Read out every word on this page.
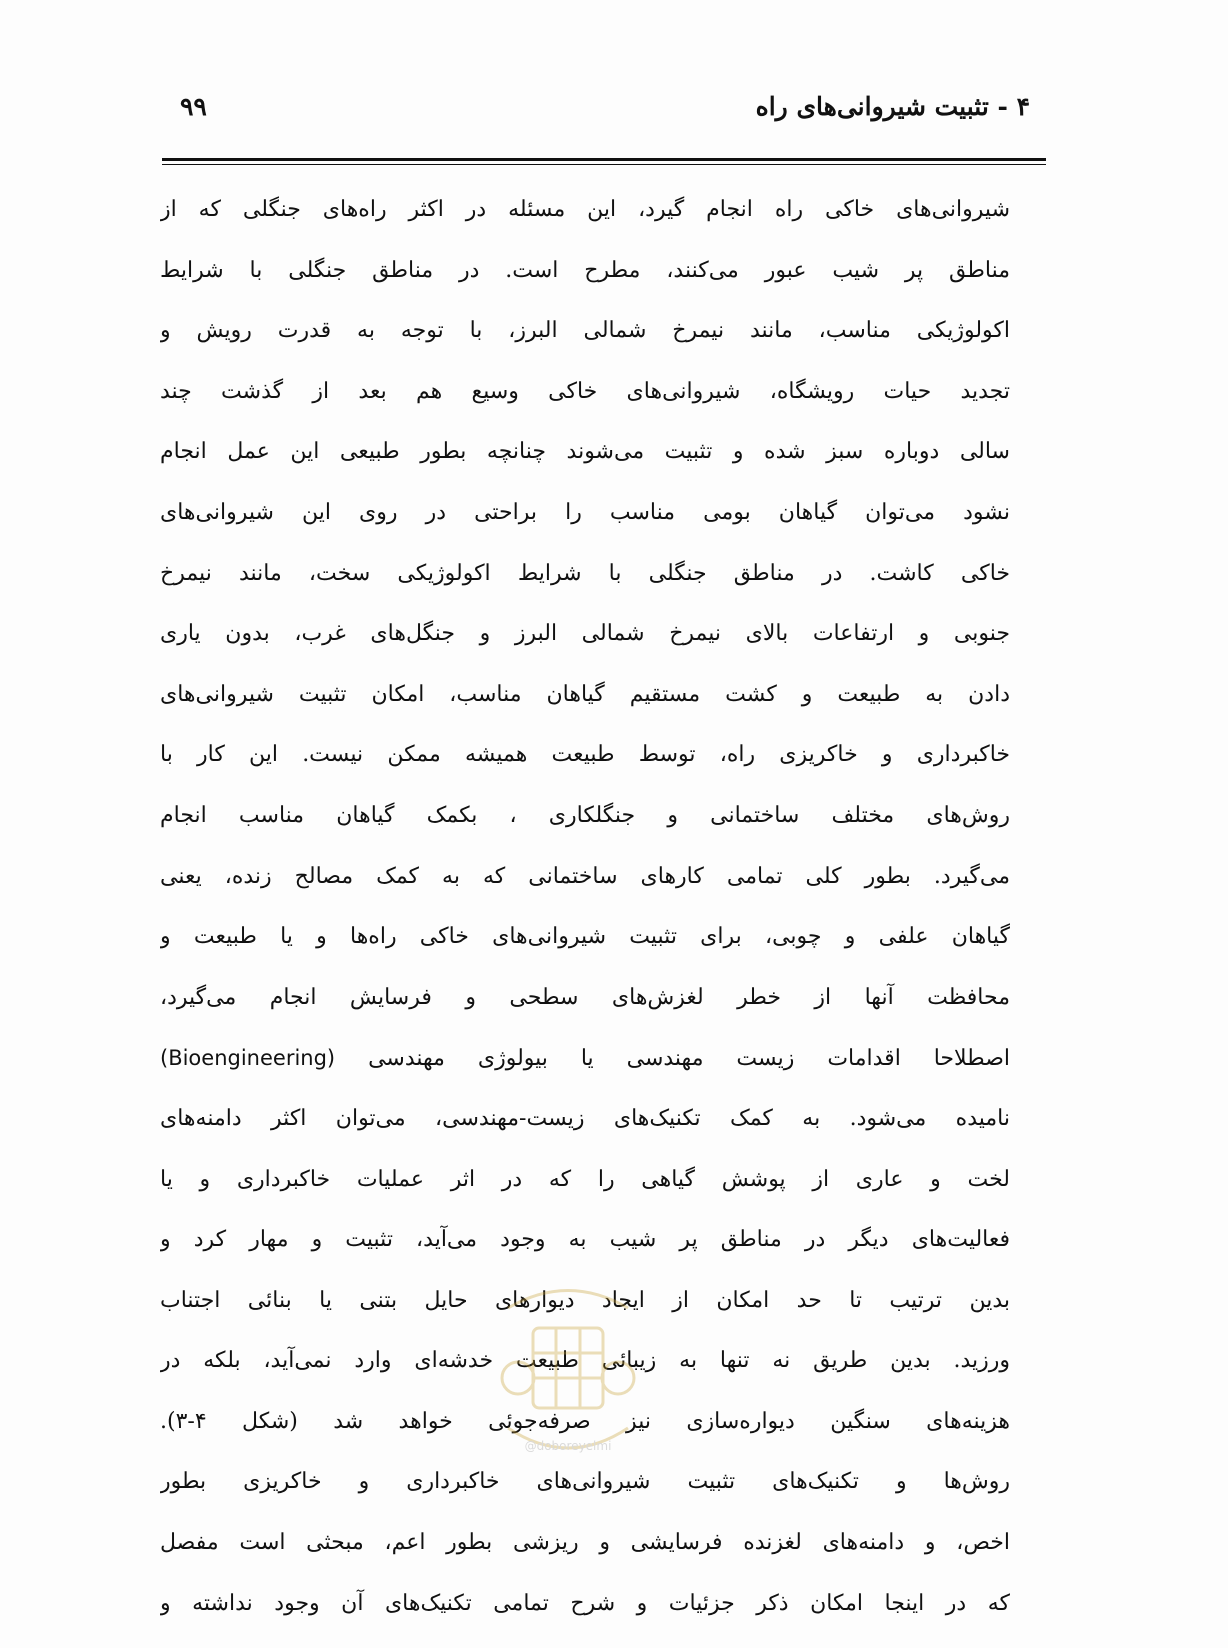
۴ - تثبیت شیروانی‌های راه
۹۹
شیروانی‌های خاکی راه انجام گیرد، این مسئله در اکثر راه‌های جنگلی که از
مناطق پر شیب عبور می‌کنند، مطرح است. در مناطق جنگلی با شرایط
اکولوژیکی مناسب، مانند نیمرخ شمالی البرز، با توجه به قدرت رویش و
تجدید حیات رویشگاه، شیروانی‌های خاکی وسیع هم بعد از گذشت چند
سالی دوباره سبز شده و تثبیت می‌شوند چنانچه بطور طبیعی این عمل انجام
نشود می‌توان گیاهان بومی مناسب را براحتی در روی این شیروانی‌های
خاکی کاشت. در مناطق جنگلی با شرایط اکولوژیکی سخت، مانند نیمرخ
جنوبی و ارتفاعات بالای نیمرخ شمالی البرز و جنگل‌های غرب، بدون یاری
دادن به طبیعت و کشت مستقیم گیاهان مناسب، امکان تثبیت شیروانی‌های
خاکبرداری و خاکریزی راه، توسط طبیعت همیشه ممکن نیست. این کار با
روش‌های مختلف ساختمانی و جنگلکاری ، بکمک گیاهان مناسب انجام
می‌گیرد. بطور کلی تمامی کارهای ساختمانی که به کمک مصالح زنده، یعنی
گیاهان علفی و چوبی، برای تثبیت شیروانی‌های خاکی راه‌ها و یا طبیعت و
محافظت آنها از خطر لغزش‌های سطحی و فرسایش انجام می‌گیرد،
اصطلاحا اقدامات زیست مهندسی یا بیولوژی مهندسی (Bioengineering)
نامیده می‌شود. به کمک تکنیک‌های زیست-مهندسی، می‌توان اکثر دامنه‌های
لخت و عاری از پوشش گیاهی را که در اثر عملیات خاکبرداری و یا
فعالیت‌های دیگر در مناطق پر شیب به وجود می‌آید، تثبیت و مهار کرد و
بدین ترتیب تا حد امکان از ایجاد دیوارهای حایل بتنی یا بنائی اجتناب
ورزید. بدین طریق نه تنها به زیبائی طبیعت خدشه‌ای وارد نمی‌آید، بلکه در
هزینه‌های سنگین دیواره‌سازی نیز صرفه‌جوئی خواهد شد (شکل ۴-۳).
روش‌ها و تکنیک‌های تثبیت شیروانی‌های خاکبرداری و خاکریزی بطور
اخص، و دامنه‌های لغزنده فرسایشی و ریزشی بطور اعم، مبحثی است مفصل
که در اینجا امکان ذکر جزئیات و شرح تمامی تکنیک‌های آن وجود نداشته و
@doboreyelmi
